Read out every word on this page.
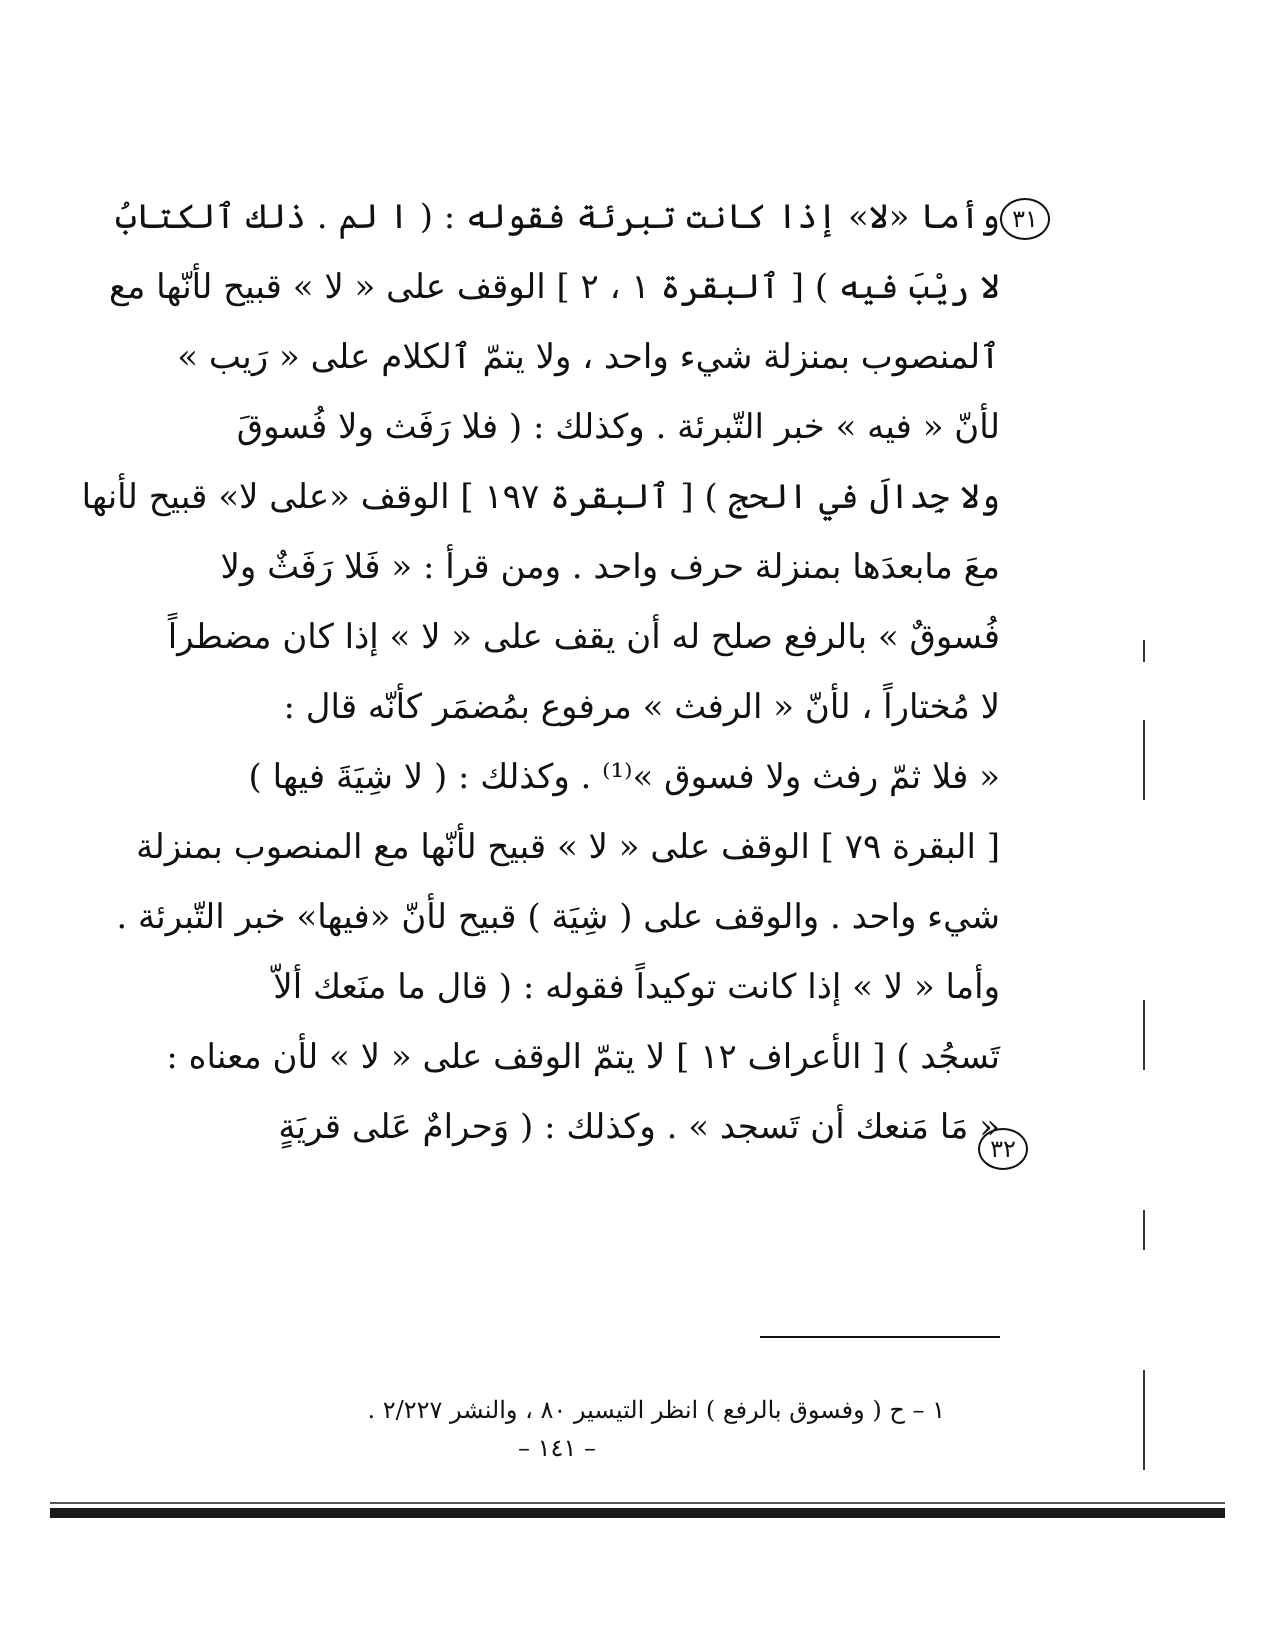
٣١
٣٢
وأما «لا» إذا كانت تبرئة فقوله : ( ا لم . ذلك ٱلكتابُ
لا ريْبَ فيه ) [ ٱلبقرة ١ ، ٢ ] الوقف على « لا » قبيح لأنّها مع
ٱلمنصوب بمنزلة شيء واحد ، ولا يتمّ ٱلكلام على « رَيب »
لأنّ « فيه » خبر التّبرئة . وكذلك : ( فلا رَفَث ولا فُسوقَ
ولا جِدالَ في الحج ) [ ٱلبقرة ١٩٧ ] الوقف «على لا» قبيح لأنها
معَ مابعدَها بمنزلة حرف واحد . ومن قرأ : « فَلا رَفَثٌ ولا
فُسوقٌ » بالرفع صلح له أن يقف على « لا » إذا كان مضطراً
لا مُختاراً ، لأنّ « الرفث » مرفوع بمُضمَر كأنّه قال :
« فلا ثمّ رفث ولا فسوق »⁽¹⁾ . وكذلك : ( لا شِيَةَ فيها )
[ البقرة ٧٩ ] الوقف على « لا » قبيح لأنّها مع المنصوب بمنزلة
شيء واحد . والوقف على ( شِيَة ) قبيح لأنّ «فيها» خبر التّبرئة .
وأما « لا » إذا كانت توكيداً فقوله : ( قال ما منَعك ألاّ
تَسجُد ) [ الأعراف ١٢ ] لا يتمّ الوقف على « لا » لأن معناه :
« مَا مَنعك أن تَسجد » . وكذلك : ( وَحرامٌ عَلى قريَةٍ
١ – ح ( وفسوق بالرفع ) انظر التيسير ٨٠ ، والنشر ٢/٢٢٧ .
– ١٤١ –
